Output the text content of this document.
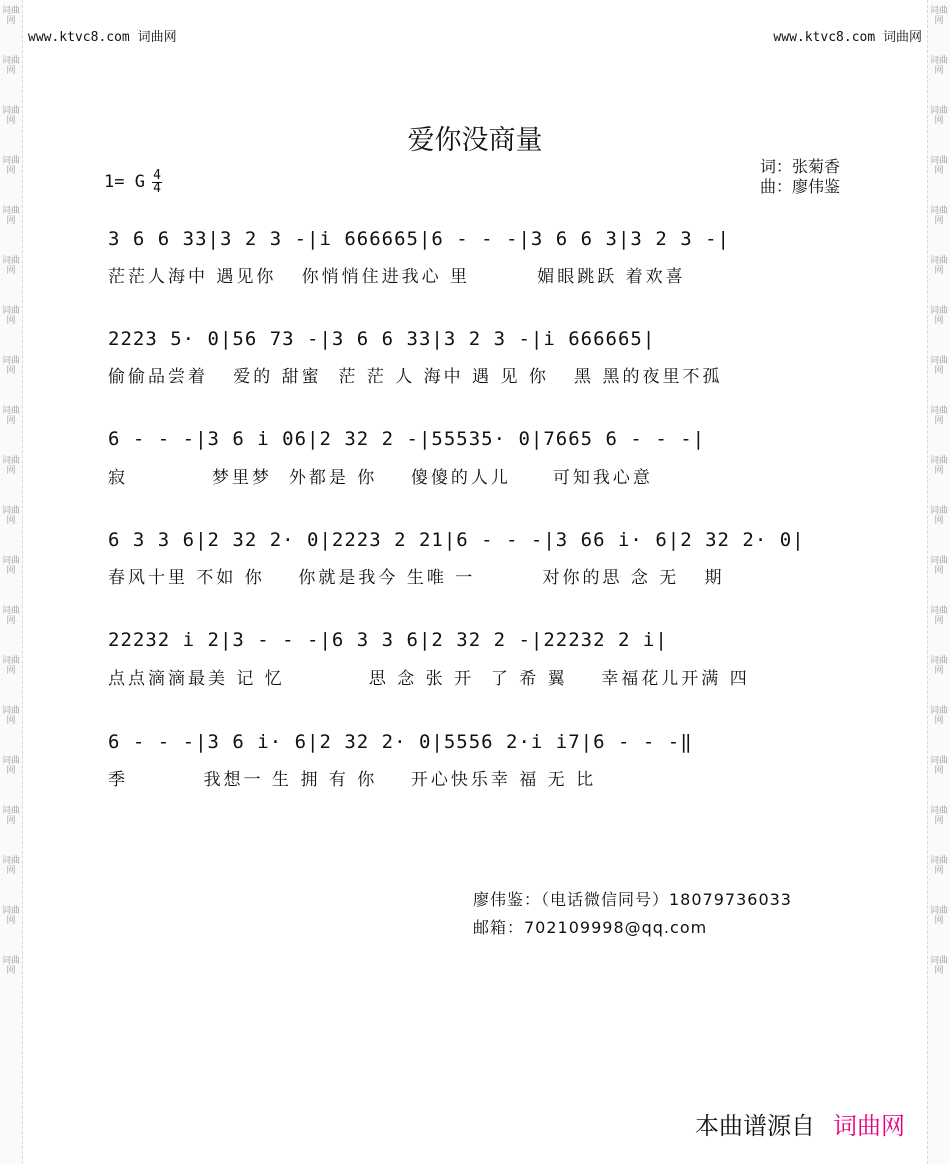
词曲网
词曲网
词曲网
词曲网
词曲网
词曲网
词曲网
词曲网
词曲网
词曲网
词曲网
词曲网
词曲网
词曲网
词曲网
词曲网
词曲网
词曲网
词曲网
词曲网
词曲网
词曲网
词曲网
词曲网
词曲网
词曲网
词曲网
词曲网
词曲网
词曲网
词曲网
词曲网
词曲网
词曲网
词曲网
词曲网
词曲网
词曲网
词曲网
词曲网
www.ktvc8.com 词曲网	www.ktvc8.com 词曲网
爱你没商量
1= G 4
4
词：张菊香
曲：廖伟鉴
3 6 6 33|3 2 3 -|i 666665|6 - - -|3 6 6 3|3 2 3 -|
茫茫人海中 遇见你   你悄悄住进我心 里        媚眼跳跃 着欢喜
2223 5· 0|56 73 -|3 6 6 33|3 2 3 -|i 666665|
偷偷品尝着   爱的 甜蜜  茫 茫 人 海中 遇 见 你   黑 黑的夜里不孤
6 - - -|3 6 i 06|2 32 2 -|55535· 0|7665 6 - - -|
寂          梦里梦  外都是 你    傻傻的人儿     可知我心意
6 3 3 6|2 32 2· 0|2223 2 21|6 - - -|3 66 i· 6|2 32 2· 0|
春风十里 不如 你    你就是我今 生唯 一        对你的思 念 无   期
22232 i 2|3 - - -|6 3 3 6|2 32 2 -|22232 2 i|
点点滴滴最美 记 忆          思 念 张 开  了 希 翼    幸福花儿开满 四
6 - - -|3 6 i· 6|2 32 2· 0|5556 2·i i7|6 - - -‖
季         我想一 生 拥 有 你    开心快乐幸 福 无 比
廖伟鉴：（电话微信同号）18079736033
邮箱：702109998@qq.com
本曲谱源自 词曲网
